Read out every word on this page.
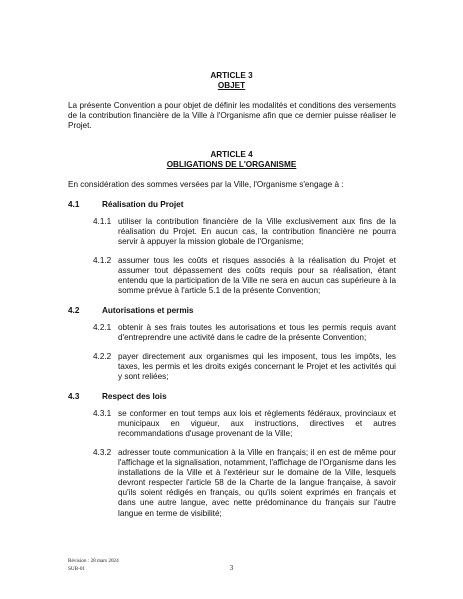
ARTICLE 3
OBJET
La présente Convention a pour objet de définir les modalités et conditions des versements de la contribution financière de la Ville à l'Organisme afin que ce dernier puisse réaliser le Projet.
ARTICLE 4
OBLIGATIONS DE L'ORGANISME
En considération des sommes versées par la Ville, l'Organisme s'engage à :
4.1	Réalisation du Projet
4.1.1 utiliser la contribution financière de la Ville exclusivement aux fins de la réalisation du Projet. En aucun cas, la contribution financière ne pourra servir à appuyer la mission globale de l'Organisme;
4.1.2 assumer tous les coûts et risques associés à la réalisation du Projet et assumer tout dépassement des coûts requis pour sa réalisation, étant entendu que la participation de la Ville ne sera en aucun cas supérieure à la somme prévue à l'article 5.1 de la présente Convention;
4.2	Autorisations et permis
4.2.1 obtenir à ses frais toutes les autorisations et tous les permis requis avant d'entreprendre une activité dans le cadre de la présente Convention;
4.2.2 payer directement aux organismes qui les imposent, tous les impôts, les taxes, les permis et les droits exigés concernant le Projet et les activités qui y sont reliées;
4.3	Respect des lois
4.3.1 se conformer en tout temps aux lois et règlements fédéraux, provinciaux et municipaux en vigueur, aux instructions, directives et autres recommandations d'usage provenant de la Ville;
4.3.2 adresser toute communication à la Ville en français; il en est de même pour l'affichage et la signalisation, notamment, l'affichage de l'Organisme dans les installations de la Ville et à l'extérieur sur le domaine de la Ville, lesquels devront respecter l'article 58 de la Charte de la langue française, à savoir qu'ils soient rédigés en français, ou qu'ils soient exprimés en français et dans une autre langue, avec nette prédominance du français sur l'autre langue en terme de visibilité;
Révision : 28 mars 2024
SUB-01	3
